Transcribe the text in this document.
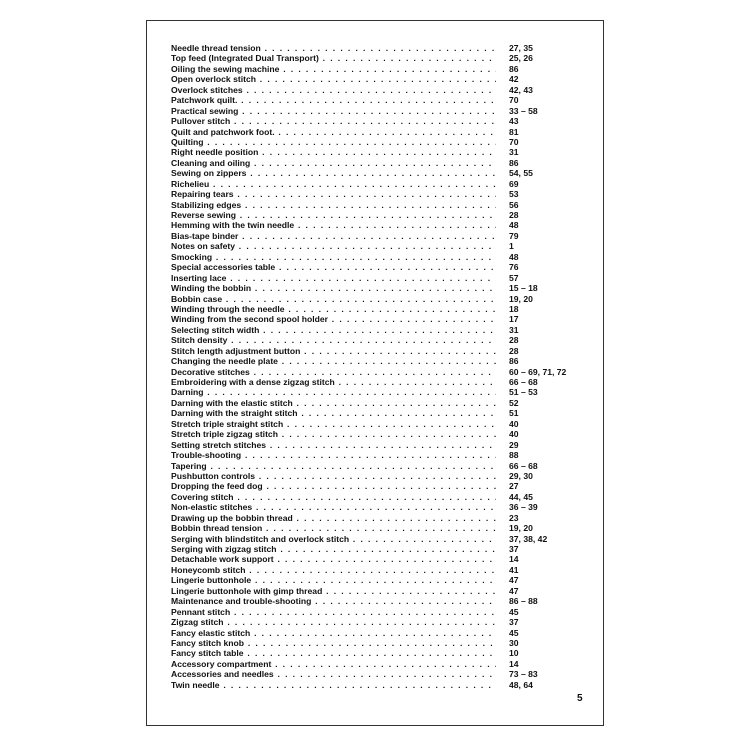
Needle thread tension . .	27, 35
Top feed (Integrated Dual Transport) . .	25, 26
Oiling the sewing machine . .	86
Open overlock stitch . .	42
Overlock stitches . .	42, 43
Patchwork quilt. . .	70
Practical sewing . .	33 – 58
Pullover stitch . .	43
Quilt and patchwork foot. . .	81
Quilting . .	70
Right needle position . .	31
Cleaning and oiling . .	86
Sewing on zippers . .	54, 55
Richelieu . .	69
Repairing tears . .	53
Stabilizing edges . .	56
Reverse sewing . .	28
Hemming with the twin needle . .	48
Bias-tape binder . .	79
Notes on safety . .	1
Smocking . .	48
Special accessories table . .	76
Inserting lace . .	57
Winding the bobbin . .	15 – 18
Bobbin case . .	19, 20
Winding through the needle . .	18
Winding from the second spool holder . .	17
Selecting stitch width . .	31
Stitch density . .	28
Stitch length adjustment button . .	28
Changing the needle plate . .	86
Decorative stitches . .	60 – 69, 71, 72
Embroidering with a dense zigzag stitch . .	66 – 68
Darning . .	51 – 53
Darning with the elastic stitch . .	52
Darning with the straight stitch . .	51
Stretch triple straight stitch . .	40
Stretch triple zigzag stitch . .	40
Setting stretch stitches . .	29
Trouble-shooting . .	88
Tapering . .	66 – 68
Pushbutton controls . .	29, 30
Dropping the feed dog . .	27
Covering stitch . .	44, 45
Non-elastic stitches . .	36 – 39
Drawing up the bobbin thread . .	23
Bobbin thread tension . .	19, 20
Serging with blindstitch and overlock stitch . .	37, 38, 42
Serging with zigzag stitch . .	37
Detachable work support . .	14
Honeycomb stitch . .	41
Lingerie buttonhole . .	47
Lingerie buttonhole with gimp thread . .	47
Maintenance and trouble-shooting . .	86 – 88
Pennant stitch . .	45
Zigzag stitch . .	37
Fancy elastic stitch . .	45
Fancy stitch knob . .	30
Fancy stitch table . .	10
Accessory compartment . .	14
Accessories and needles . .	73 – 83
Twin needle . .	48, 64
5
